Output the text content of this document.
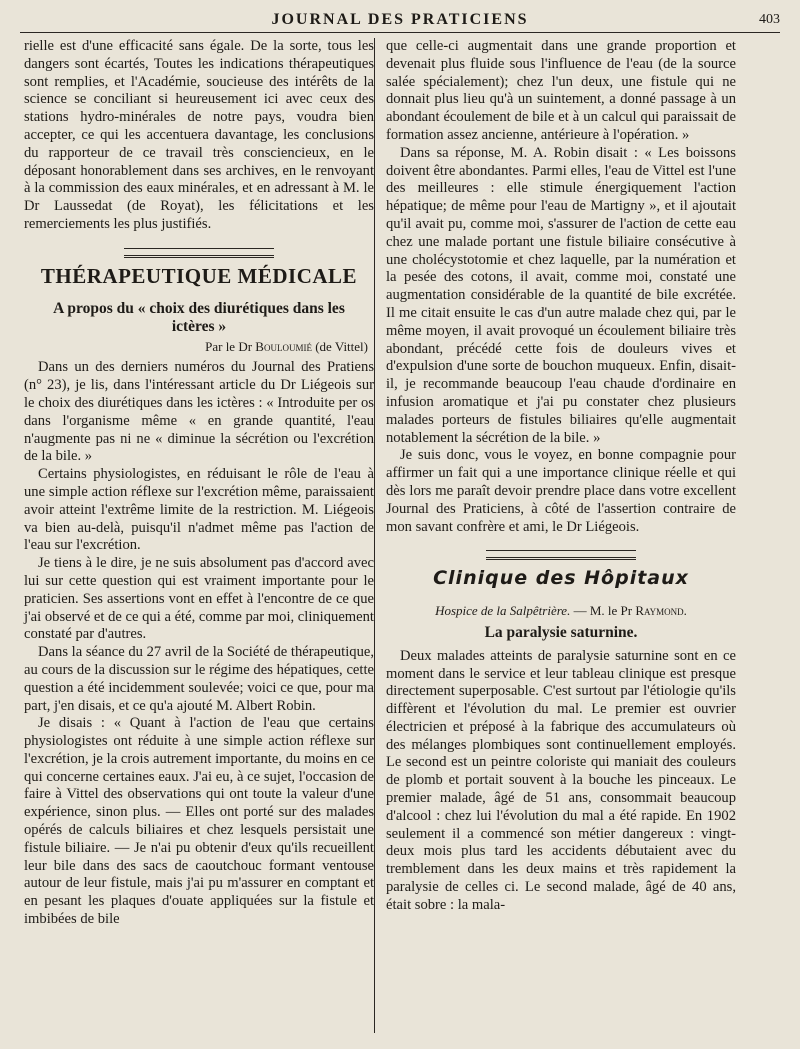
JOURNAL DES PRATICIENS	403

rielle est d'une efficacité sans égale. De la sorte, tous les dangers sont écartés, Toutes les indications thérapeutiques sont remplies, et l'Académie, soucieuse des intérêts de la science se conciliant si heureusement ici avec ceux des stations hydro-minérales de notre pays, voudra bien accepter, ce qui les accentuera davantage, les conclusions du rapporteur de ce travail très consciencieux, en le déposant honorablement dans ses archives, en le renvoyant à la commission des eaux minérales, et en adressant à M. le Dr Laussedat (de Royat), les félicitations et les remerciements les plus justifiés.

THÉRAPEUTIQUE MÉDICALE
A propos du « choix des diurétiques dans les ictères »
Par le Dr Bouloumié (de Vittel)

Dans un des derniers numéros du Journal des Pratiens (n° 23), je lis, dans l'intéressant article du Dr Liégeois sur le choix des diurétiques dans les ictères : « Introduite per os dans l'organisme même « en grande quantité, l'eau n'augmente pas ni ne « diminue la sécrétion ou l'excrétion de la bile. »

Certains physiologistes, en réduisant le rôle de l'eau à une simple action réflexe sur l'excrétion même, paraissaient avoir atteint l'extrême limite de la restriction. M. Liégeois va bien au-delà, puisqu'il n'admet même pas l'action de l'eau sur l'excrétion.

Je tiens à le dire, je ne suis absolument pas d'accord avec lui sur cette question qui est vraiment importante pour le praticien. Ses assertions vont en effet à l'encontre de ce que j'ai observé et de ce qui a été, comme par moi, cliniquement constaté par d'autres.

Dans la séance du 27 avril de la Société de thérapeutique, au cours de la discussion sur le régime des hépatiques, cette question a été incidemment soulevée; voici ce que, pour ma part, j'en disais, et ce qu'a ajouté M. Albert Robin.

Je disais : « Quant à l'action de l'eau que certains physiologistes ont réduite à une simple action réflexe sur l'excrétion, je la crois autrement importante, du moins en ce qui concerne certaines eaux. J'ai eu, à ce sujet, l'occasion de faire à Vittel des observations qui ont toute la valeur d'une expérience, sinon plus. — Elles ont porté sur des malades opérés de calculs biliaires et chez lesquels persistait une fistule biliaire. — Je n'ai pu obtenir d'eux qu'ils recueillent leur bile dans des sacs de caoutchouc formant ventouse autour de leur fistule, mais j'ai pu m'assurer en comptant et en pesant les plaques d'ouate appliquées sur la fistule et imbibées de bile

que celle-ci augmentait dans une grande proportion et devenait plus fluide sous l'influence de l'eau (de la source salée spécialement); chez l'un deux, une fistule qui ne donnait plus lieu qu'à un suintement, a donné passage à un abondant écoulement de bile et à un calcul qui paraissait de formation assez ancienne, antérieure à l'opération. »

Dans sa réponse, M. A. Robin disait : « Les boissons doivent être abondantes. Parmi elles, l'eau de Vittel est l'une des meilleures : elle stimule énergiquement l'action hépatique; de même pour l'eau de Martigny », et il ajoutait qu'il avait pu, comme moi, s'assurer de l'action de cette eau chez une malade portant une fistule biliaire consécutive à une cholécystotomie et chez laquelle, par la numération et la pesée des cotons, il avait, comme moi, constaté une augmentation considérable de la quantité de bile excrétée. Il me citait ensuite le cas d'un autre malade chez qui, par le même moyen, il avait provoqué un écoulement biliaire très abondant, précédé cette fois de douleurs vives et d'expulsion d'une sorte de bouchon muqueux. Enfin, disait-il, je recommande beaucoup l'eau chaude d'ordinaire en infusion aromatique et j'ai pu constater chez plusieurs malades porteurs de fistules biliaires qu'elle augmentait notablement la sécrétion de la bile. »

Je suis donc, vous le voyez, en bonne compagnie pour affirmer un fait qui a une importance clinique réelle et qui dès lors me paraît devoir prendre place dans votre excellent Journal des Praticiens, à côté de l'assertion contraire de mon savant confrère et ami, le Dr Liégeois.

Clinique des Hôpitaux
Hospice de la Salpêtrière. — M. le Pr Raymond.
La paralysie saturnine.

Deux malades atteints de paralysie saturnine sont en ce moment dans le service et leur tableau clinique est presque directement superposable. C'est surtout par l'étiologie qu'ils diffèrent et l'évolution du mal. Le premier est ouvrier électricien et préposé à la fabrique des accumulateurs où des mélanges plombiques sont continuellement employés. Le second est un peintre coloriste qui maniait des couleurs de plomb et portait souvent à la bouche les pinceaux. Le premier malade, âgé de 51 ans, consommait beaucoup d'alcool : chez lui l'évolution du mal a été rapide. En 1902 seulement il a commencé son métier dangereux : vingt-deux mois plus tard les accidents débutaient avec du tremblement dans les deux mains et très rapidement la paralysie de celles ci. Le second malade, âgé de 40 ans, était sobre : la mala-
